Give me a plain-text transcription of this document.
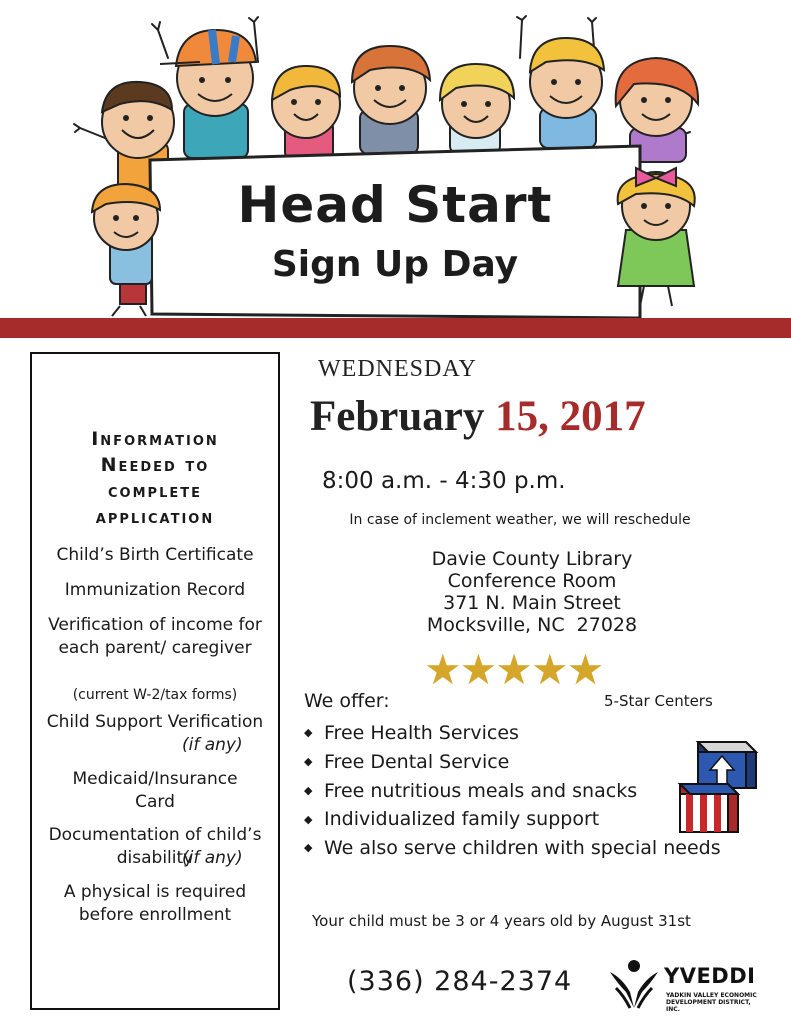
Head Start
Sign Up Day
Information
Needed to
complete
application
Child’s Birth Certificate
Immunization Record
Verification of income for each parent/ caregiver
(current W-2/tax forms)
Child Support Verification
(if any)
Medicaid/Insurance Card
Documentation of child’s disability
(if any)
A physical is required before enrollment
WEDNESDAY
February 15, 2017
8:00 a.m. - 4:30 p.m.
In case of inclement weather, we will reschedule
Davie County Library
Conference Room
371 N. Main Street
Mocksville, NC  27028
★★★★★
5-Star Centers
We offer:
◆ Free Health Services
◆ Free Dental Service
◆ Free nutritious meals and snacks
◆ Individualized family support
◆ We also serve children with special needs
Your child must be 3 or 4 years old by August 31st
(336) 284-2374	YVEDDI
YADKIN VALLEY ECONOMIC DEVELOPMENT DISTRICT, INC.
